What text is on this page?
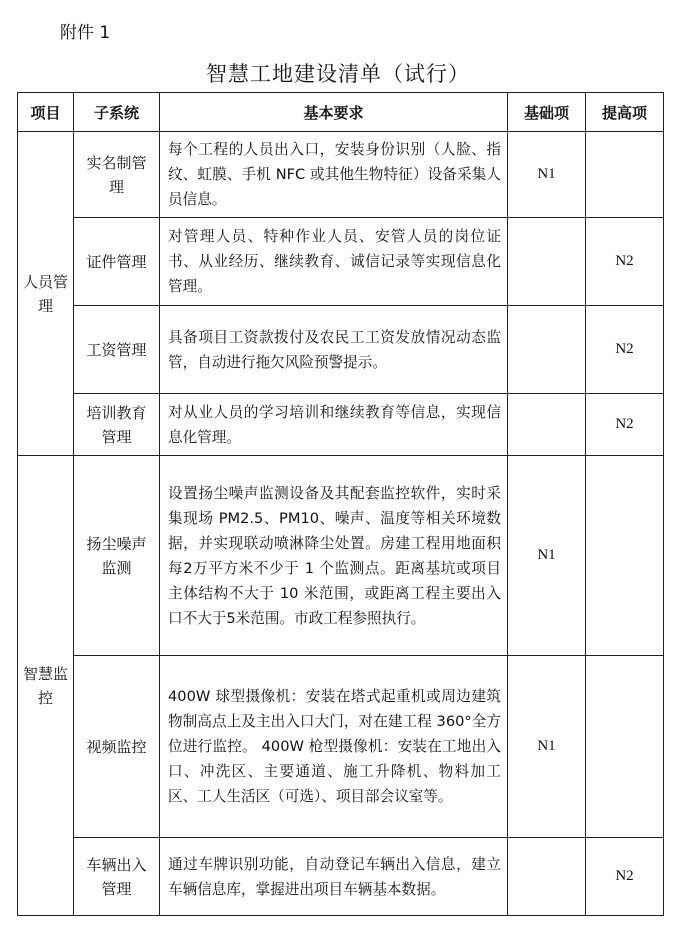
附件 1
智慧工地建设清单（试行）
项目	子系统	基本要求	基础项	提高项
人员管理	实名制管理	每个工程的人员出入口，安装身份识别（人脸、指纹、虹膜、手机 NFC 或其他生物特征）设备采集人员信息。	N1	
	证件管理	对管理人员、特种作业人员、安管人员的岗位证书、从业经历、继续教育、诚信记录等实现信息化管理。		N2
	工资管理	具备项目工资款拨付及农民工工资发放情况动态监管，自动进行拖欠风险预警提示。		N2
	培训教育管理	对从业人员的学习培训和继续教育等信息，实现信息化管理。		N2
智慧监控	扬尘噪声监测	设置扬尘噪声监测设备及其配套监控软件，实时采集现场 PM2.5、PM10、噪声、温度等相关环境数据，并实现联动喷淋降尘处置。房建工程用地面积每2万平方米不少于 1 个监测点。距离基坑或项目主体结构不大于 10 米范围，或距离工程主要出入口不大于5米范围。市政工程参照执行。	N1	
	视频监控	400W 球型摄像机：安装在塔式起重机或周边建筑物制高点上及主出入口大门，对在建工程 360°全方位进行监控。 400W 枪型摄像机：安装在工地出入口、冲洗区、主要通道、施工升降机、物料加工区、工人生活区（可选）、项目部会议室等。	N1	
	车辆出入管理	通过车牌识别功能，自动登记车辆出入信息，建立车辆信息库，掌握进出项目车辆基本数据。		N2
